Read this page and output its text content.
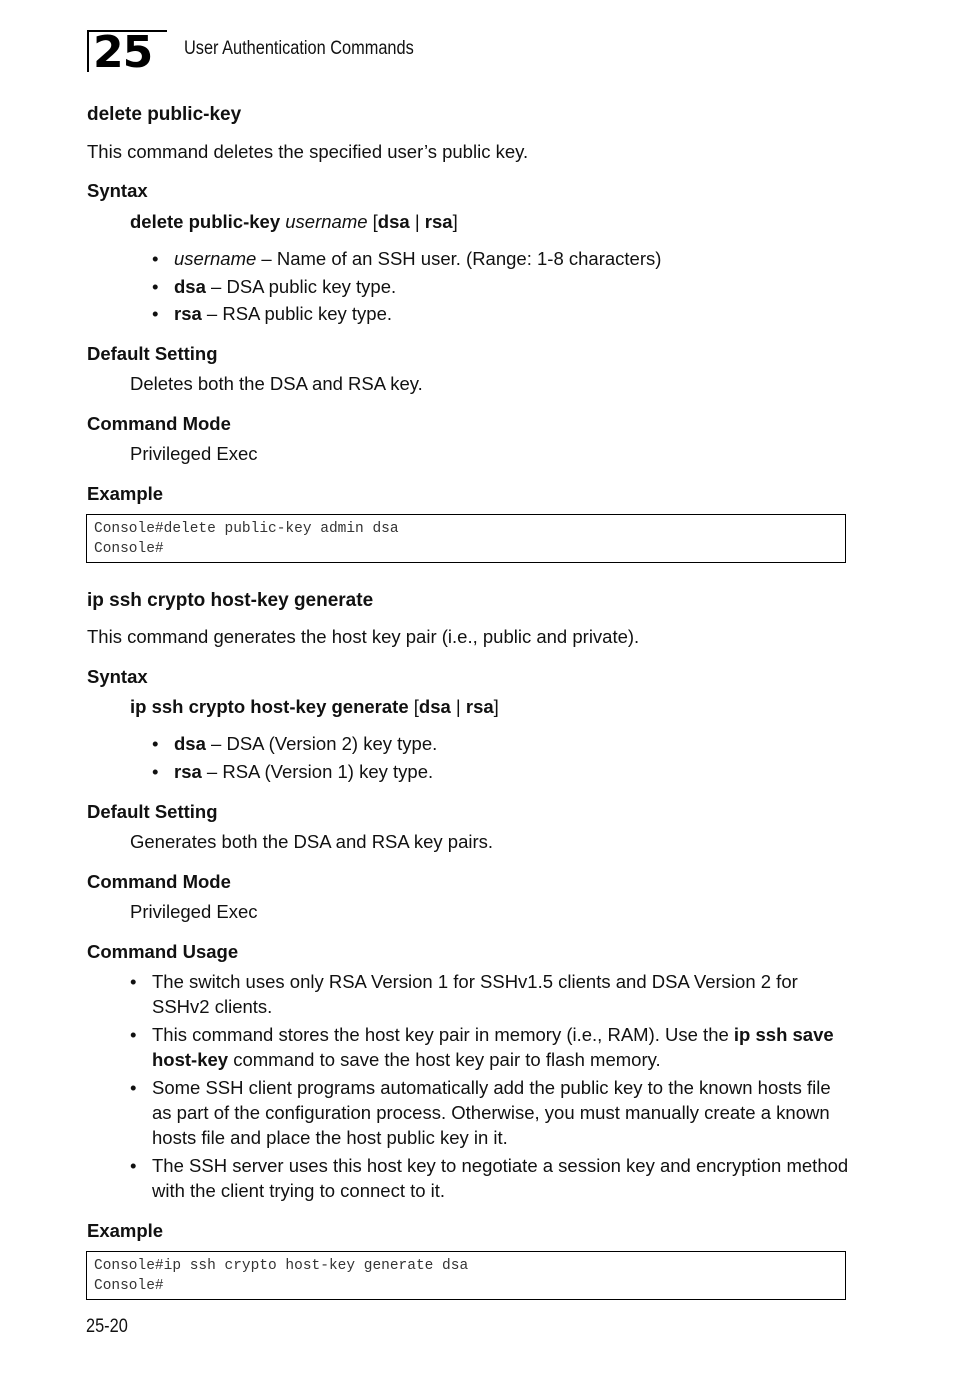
25	User Authentication Commands
delete public-key
This command deletes the specified user’s public key.
Syntax
delete public-key username [dsa | rsa]
• username – Name of an SSH user. (Range: 1-8 characters)
• dsa – DSA public key type.
• rsa – RSA public key type.
Default Setting
Deletes both the DSA and RSA key.
Command Mode
Privileged Exec
Example
Console#delete public-key admin dsa
Console#
ip ssh crypto host-key generate
This command generates the host key pair (i.e., public and private).
Syntax
ip ssh crypto host-key generate [dsa | rsa]
• dsa – DSA (Version 2) key type.
• rsa – RSA (Version 1) key type.
Default Setting
Generates both the DSA and RSA key pairs.
Command Mode
Privileged Exec
Command Usage
• The switch uses only RSA Version 1 for SSHv1.5 clients and DSA Version 2 for SSHv2 clients.
• This command stores the host key pair in memory (i.e., RAM). Use the ip ssh save host-key command to save the host key pair to flash memory.
• Some SSH client programs automatically add the public key to the known hosts file as part of the configuration process. Otherwise, you must manually create a known hosts file and place the host public key in it.
• The SSH server uses this host key to negotiate a session key and encryption method with the client trying to connect to it.
Example
Console#ip ssh crypto host-key generate dsa
Console#
25-20
